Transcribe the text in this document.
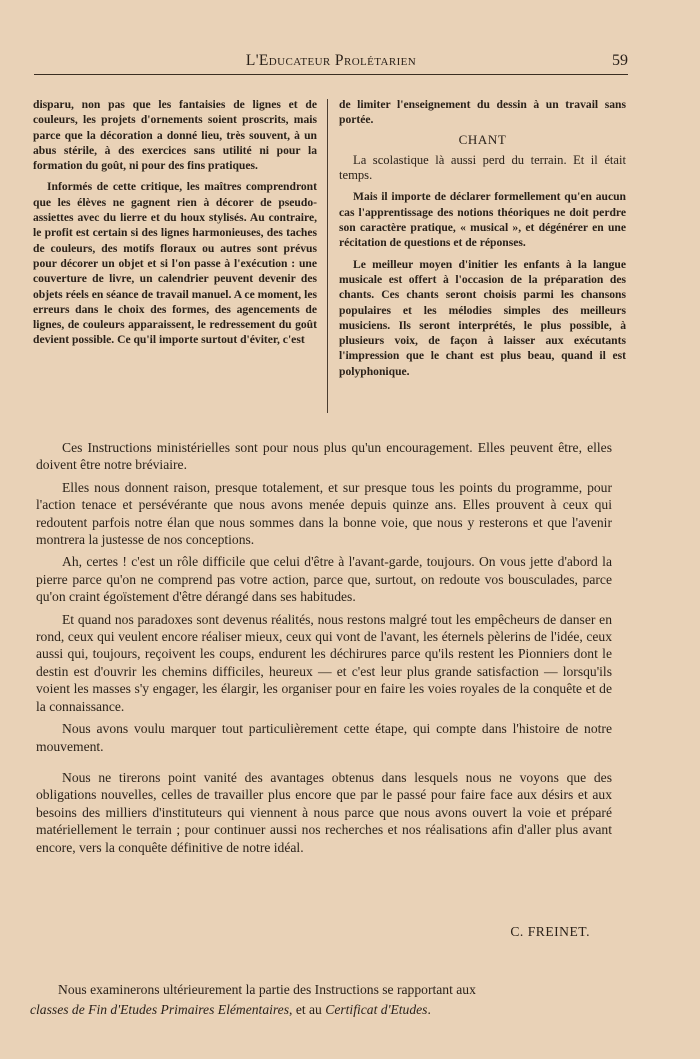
L'Educateur Prolétarien	59

disparu, non pas que les fantaisies de lignes et de couleurs, les projets d'ornements soient proscrits, mais parce que la décoration a donné lieu, très souvent, à un abus stérile, à des exercices sans utilité ni pour la formation du goût, ni pour des fins pratiques.

Informés de cette critique, les maîtres comprendront que les élèves ne gagnent rien à décorer de pseudo-assiettes avec du lierre et du houx stylisés. Au contraire, le profit est certain si des lignes harmonieuses, des taches de couleurs, des motifs floraux ou autres sont prévus pour décorer un objet et si l'on passe à l'exécution : une couverture de livre, un calendrier peuvent devenir des objets réels en séance de travail manuel. A ce moment, les erreurs dans le choix des formes, des agencements de lignes, de couleurs apparaissent, le redressement du goût devient possible. Ce qu'il importe surtout d'éviter, c'est

de limiter l'enseignement du dessin à un travail sans portée.

CHANT

La scolastique là aussi perd du terrain. Et il était temps.

Mais il importe de déclarer formellement qu'en aucun cas l'apprentissage des notions théoriques ne doit perdre son caractère pratique, « musical », et dégénérer en une récitation de questions et de réponses.

Le meilleur moyen d'initier les enfants à la langue musicale est offert à l'occasion de la préparation des chants. Ces chants seront choisis parmi les chansons populaires et les mélodies simples des meilleurs musiciens. Ils seront interprétés, le plus possible, à plusieurs voix, de façon à laisser aux exécutants l'impression que le chant est plus beau, quand il est polyphonique.

Ces Instructions ministérielles sont pour nous plus qu'un encouragement. Elles peuvent être, elles doivent être notre bréviaire.

Elles nous donnent raison, presque totalement, et sur presque tous les points du programme, pour l'action tenace et persévérante que nous avons menée depuis quinze ans. Elles prouvent à ceux qui redoutent parfois notre élan que nous sommes dans la bonne voie, que nous y resterons et que l'avenir montrera la justesse de nos conceptions.

Ah, certes ! c'est un rôle difficile que celui d'être à l'avant-garde, toujours. On vous jette d'abord la pierre parce qu'on ne comprend pas votre action, parce que, surtout, on redoute vos bousculades, parce qu'on craint égoïstement d'être dérangé dans ses habitudes.

Et quand nos paradoxes sont devenus réalités, nous restons malgré tout les empêcheurs de danser en rond, ceux qui veulent encore réaliser mieux, ceux qui vont de l'avant, les éternels pèlerins de l'idée, ceux aussi qui, toujours, reçoivent les coups, endurent les déchirures parce qu'ils restent les Pionniers dont le destin est d'ouvrir les chemins difficiles, heureux — et c'est leur plus grande satisfaction — lorsqu'ils voient les masses s'y engager, les élargir, les organiser pour en faire les voies royales de la conquête et de la connaissance.

Nous avons voulu marquer tout particulièrement cette étape, qui compte dans l'histoire de notre mouvement.

Nous ne tirerons point vanité des avantages obtenus dans lesquels nous ne voyons que des obligations nouvelles, celles de travailler plus encore que par le passé pour faire face aux désirs et aux besoins des milliers d'instituteurs qui viennent à nous parce que nous avons ouvert la voie et préparé matériellement le terrain ; pour continuer aussi nos recherches et nos réalisations afin d'aller plus avant encore, vers la conquête définitive de notre idéal.

C. FREINET.
Nous examinerons ultérieurement la partie des Instructions se rapportant aux
classes de Fin d'Etudes Primaires Elémentaires, et au Certificat d'Etudes.
